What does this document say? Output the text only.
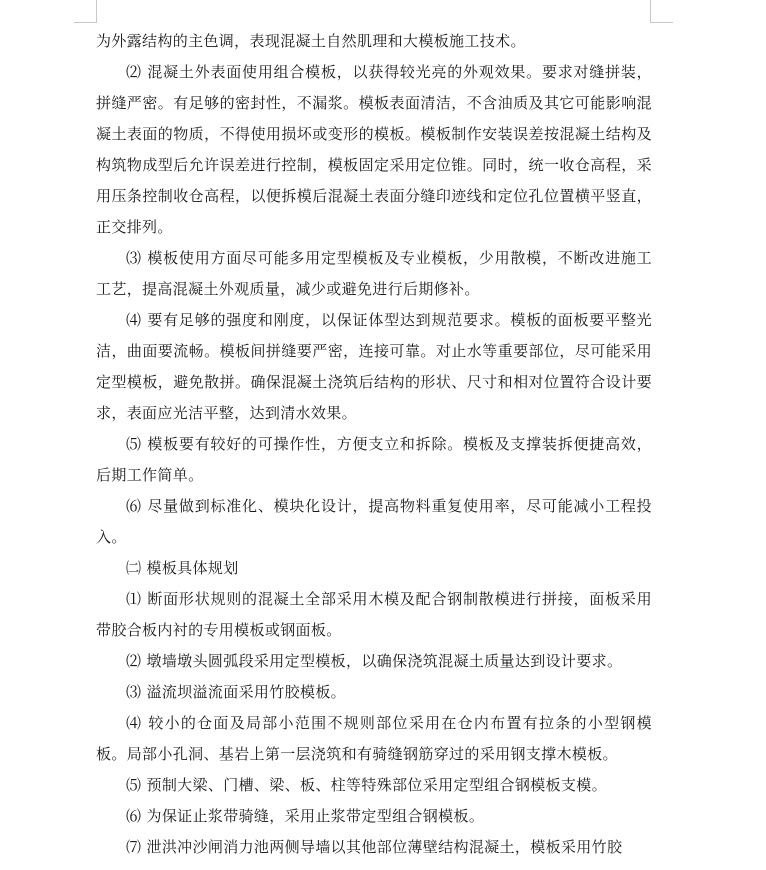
为外露结构的主色调，表现混凝土自然肌理和大模板施工技术。

⑵ 混凝土外表面使用组合模板，以获得较光亮的外观效果。要求对缝拼装，拼缝严密。有足够的密封性，不漏浆。模板表面清洁，不含油质及其它可能影响混凝土表面的物质，不得使用损坏或变形的模板。模板制作安装误差按混凝土结构及构筑物成型后允许误差进行控制，模板固定采用定位锥。同时，统一收仓高程，采用压条控制收仓高程，以便拆模后混凝土表面分缝印迹线和定位孔位置横平竖直，正交排列。

⑶ 模板使用方面尽可能多用定型模板及专业模板，少用散模，不断改进施工工艺，提高混凝土外观质量，减少或避免进行后期修补。

⑷ 要有足够的强度和刚度，以保证体型达到规范要求。模板的面板要平整光洁，曲面要流畅。模板间拼缝要严密，连接可靠。对止水等重要部位，尽可能采用定型模板，避免散拼。确保混凝土浇筑后结构的形状、尺寸和相对位置符合设计要求，表面应光洁平整，达到清水效果。

⑸ 模板要有较好的可操作性，方便支立和拆除。模板及支撑装拆便捷高效，后期工作简单。

⑹ 尽量做到标准化、模块化设计，提高物料重复使用率，尽可能减小工程投入。

㈡ 模板具体规划

⑴ 断面形状规则的混凝土全部采用木模及配合钢制散模进行拼接，面板采用带胶合板内衬的专用模板或钢面板。

⑵ 墩墙墩头圆弧段采用定型模板，以确保浇筑混凝土质量达到设计要求。

⑶ 溢流坝溢流面采用竹胶模板。

⑷ 较小的仓面及局部小范围不规则部位采用在仓内布置有拉条的小型钢模板。局部小孔洞、基岩上第一层浇筑和有骑缝钢筋穿过的采用钢支撑木模板。

⑸ 预制大梁、门槽、梁、板、柱等特殊部位采用定型组合钢模板支模。

⑹ 为保证止浆带骑缝，采用止浆带定型组合钢模板。

⑺ 泄洪冲沙闸消力池两侧导墙以其他部位薄壁结构混凝土，模板采用竹胶
